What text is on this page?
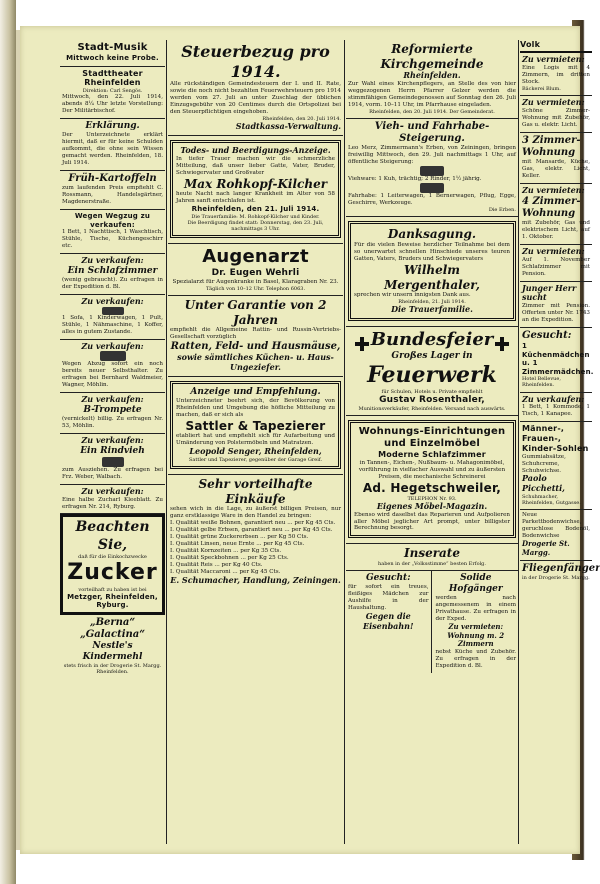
Stadt-Musik
Mittwoch keine Probe.
Stadttheater Rheinfelden
Direktion: Carl Sengös.
Mittwoch, den 22. Juli 1914, abends 8¼ Uhr letzte Vorstellung: Der Militärbischof.
Erklärung.
Der Unterzeichnete erklärt hiermit, daß er für keine Schulden aufkommt, die ohne sein Wissen gemacht werden. Rheinfelden, 18. Juli 1914.
Früh-Kartoffeln
zum laufenden Preis empfiehlt C. Rossmann, Handelsgärtner, Magdenerstraße.
Wegen Wegzug zu verkaufen:
1 Bett, 1 Nachttisch, 1 Waschtisch, Stühle, Tische, Küchengeschirr etc.
Zu verkaufen:
Ein Schlafzimmer
(wenig gebraucht). Zu erfragen in der Expedition d. Bl.
Zu verkaufen:
1 Sofa, 1 Kinderwagen, 1 Pult, Stühle, 1 Nähmaschine, 1 Koffer, alles in gutem Zustande.
Zu verkaufen:
Wegen Abzug sofort ein noch bereits neuer Selbsthalter. Zu erfragen bei Bernhard Waldmeier, Wagner, Möhlin.
Zu verkaufen:
B-Trompete
(vernickelt) billig. Zu erfragen Nr. 53, Möhlin.
Zu verkaufen:
Ein Rindvieh
zum Ausziehen. Zu erfragen bei Frz. Weber, Walbach.
Zu verkaufen:
Eine halbe Zucharl Kleeblatt. Zu erfragen Nr. 214, Ryburg.
Beachten Sie,
daß für die Einkochzwecke
Zucker
vorteilhaft zu haben ist bei
Metzger, Rheinfelden, Ryburg.
„Berna“
„Galactina“
Nestle's Kindermehl
stets frisch in der Drogerie St. Margg. Rheinfelden.
Steuerbezug pro 1914.
Alle rückständigen Gemeindesteuern der I. und II. Rate, sowie die noch nicht bezahlten Feuerwehrsteuern pro 1914 werden vom 27. Juli an unter Zuschlag der üblichen Einzugsgebühr von 20 Centimes durch die Ortspolizei bei den Steuerpflichtigen eingehoben.
Rheinfelden, den 20. Juli 1914.
Stadtkassa-Verwaltung.
Todes- und Beerdigungs-Anzeige.
In tiefer Trauer machen wir die schmerzliche Mitteilung, daß unser lieber Gatte, Vater, Bruder, Schwiegervater und Großvater
Max Rohkopf-Kilcher
heute Nacht nach langer Krankheit im Alter von 58 Jahren sanft entschlafen ist.
Rheinfelden, den 21. Juli 1914.
Die Trauerfamilie: M. Rohkopf-Kilcher und Kinder.
Die Beerdigung findet statt: Donnerstag, den 23. Juli, nachmittags 3 Uhr.
Augenarzt
Dr. Eugen Wehrli
Spezialarzt für Augenkranke in Basel, Klaragraben Nr. 23.
Täglich von 10–12 Uhr. Telephon 6063.
Unter Garantie von 2 Jahren
empfiehlt die Allgemeine Rattin- und Russin-Vertriebs-Gesellschaft vorzüglich
Ratten, Feld- und Hausmäuse,
sowie sämtliches Küchen- u. Haus-Ungeziefer.
Anzeige und Empfehlung.
Unterzeichneter beehrt sich, der Bevölkerung von Rheinfelden und Umgebung die höfliche Mitteilung zu machen, daß er sich als
Sattler & Tapezierer
etabliert hat und empfiehlt sich für Aufarbeitung und Umänderung von Polstermöbeln und Matratzen.
Leopold Senger, Rheinfelden,
Sattler und Tapezierer, gegenüber der Garage Greif.
Sehr vorteilhafte Einkäufe
sehen wich in die Lage, zu äußerst billigen Preisen, nur ganz erstklassige Ware in den Handel zu bringen:
I. Qualität weiße Bohnen, garantiert neu ... per Kg 45 Cts.
I. Qualität gelbe Erbsen, garantiert neu ... per Kg 45 Cts.
I. Qualität grüne Zuckererbsen ... per Kg 50 Cts.
I. Qualität Linsen, neue Ernte ... per Kg 45 Cts.
I. Qualität Kornzeiten ... per Kg 35 Cts.
I. Qualität Speckbohnen ... per Kg 25 Cts.
I. Qualität Reis ... per Kg 40 Cts.
I. Qualität Maccaroni ... per Kg 45 Cts.
E. Schumacher, Handlung, Zeiningen.
Reformierte Kirchgemeinde
Rheinfelden.
Zur Wahl eines Kirchenpflegers, an Stelle des von hier weggezogenen Herrn Pfarrer Gelzer werden die stimmfähigen Gemeindegenossen auf Sonntag den 26. Juli 1914, vorm. 10–11 Uhr, im Pfarrhause eingeladen.
Rheinfelden, den 20. Juli 1914. Der Gemeinderat.
Vieh- und Fahrhabe-Steigerung.
Leo Merz, Zimmermann's Erben, von Zeiningen, bringen freiwillig Mittwoch, den 29. Juli nachmittags 1 Uhr, auf öffentliche Steigerung:
Viehware: 1 Kuh, trächtig; 2 Rinder, 1½ jährig.
Fahrhabe: 1 Leiterwagen, 1 Bernerwagen, Pflug, Egge, Geschirre, Werkzeuge.
Die Erben.
Danksagung.
Für die vielen Beweise herzlicher Teilnahme bei dem so unerwartet schnellen Hinschiede unseres teuren Gatten, Vaters, Bruders und Schwiegervaters
Wilhelm Mergenthaler,
sprechen wir unsern innigsten Dank aus.
Rheinfelden, 21. Juli 1914.
Die Trauerfamilie.
Bundesfeier
Großes Lager in
Feuerwerk
für Schulen, Hotels u. Private empfiehlt
Gustav Rosenthaler,
Munitionsverkäufer, Rheinfelden. Versand nach auswärts.
Wohnungs-Einrichtungen
und Einzelmöbel
Moderne Schlafzimmer
in Tannen-, Eichen-, Nußbaum- u. Mahagonimöbel, vorführung in vielfacher Auswahl und zu äußersten Preisen, die mechanische Schreinerei
Ad. Hegetschweiler,
TELEPHON Nr. 93.
Eigenes Möbel-Magazin.
Ebenso wird daselbst das Reparieren und Aufpolieren aller Möbel jeglicher Art prompt, unter billigster Berechnung besorgt.
Inserate
haben in der „Volksstimme“ besten Erfolg.
Gesucht:
für sofort ein treues, fleißiges Mädchen zur Aushilfe in der Haushaltung.
Gegen die Eisenbahn!
Solide Hofgänger
werden nach angemessenem in einem Privathause. Zu erfragen in der Exped.
Zu vermieten: Wohnung m. 2 Zimmern
nebst Küche und Zubehör. Zu erfragen in der Expedition d. Bl.
Volk
Zu vermieten:
Eine Logis mit 4 Zimmern, im dritten Stock.
Bäckerei Blum.
Zu vermieten:
Schöne Zimmer-Wohnung mit Zubehör, Gas u. elektr. Licht.
3 Zimmer-Wohnung
mit Mansarde, Küche, Gas, elektr. Licht, Keller.
Zu vermieten:
4 Zimmer-Wohnung
mit Zubehör, Gas und elektrischem Licht, auf 1. Oktober.
Zu vermieten:
Auf 1. November Schlafzimmer mit Pension.
Junger Herr sucht
Zimmer mit Pension. Offerten unter Nr. 1743 an die Expedition.
Gesucht:
1 Küchenmädchen u. 1 Zimmermädchen.
Hotel Bellevue, Rheinfelden.
Zu verkaufen:
1 Bett, 1 Kommode, 1 Tisch, 1 Kanapee.
Männer-, Frauen-, Kinder-Sohlen
Gummiabsätze, Schuhcreme, Schuhwichse.
Paolo Picchetti,
Schuhmacher, Rheinfelden, Gutgasse.
Neue Parkettbodenwichse, geruchlose Bodenöl, Bodenwichse
Drogerie St. Margg.
Fliegenfänger
in der Drogerie St. Margg.
